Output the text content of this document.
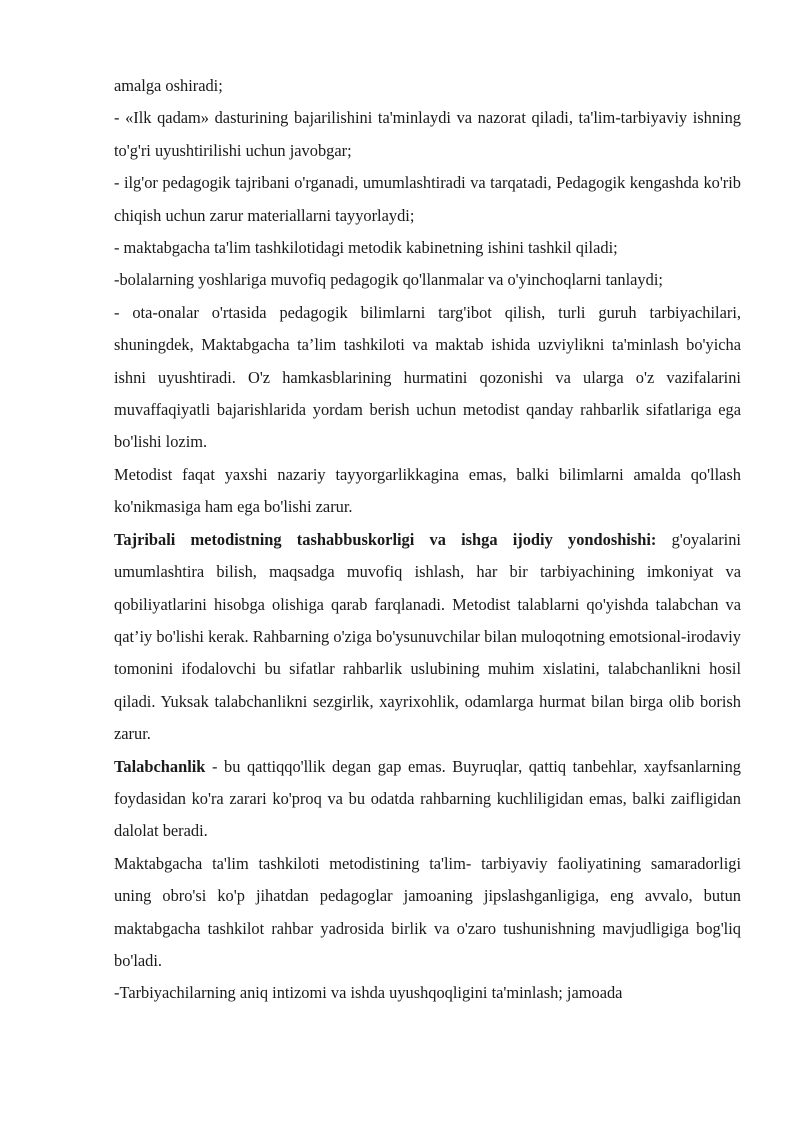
amalga oshiradi;

- «Ilk qadam» dasturining bajarilishini ta'minlaydi va nazorat qiladi, ta'lim-tarbiyaviy ishning to'g'ri uyushtirilishi uchun javobgar;

- ilg'or pedagogik tajribani o'rganadi, umumlashtiradi va tarqatadi, Pedagogik kengashda ko'rib chiqish uchun zarur materiallarni tayyorlaydi;

- maktabgacha ta'lim tashkilotidagi metodik kabinetning ishini tashkil qiladi;

-bolalarning yoshlariga muvofiq pedagogik qo'llanmalar va o'yinchoqlarni tanlaydi;

- ota-onalar o'rtasida pedagogik bilimlarni targ'ibot qilish, turli guruh tarbiyachilari, shuningdek, Maktabgacha ta’lim tashkiloti va maktab ishida uzviylikni ta'minlash bo'yicha ishni uyushtiradi. O'z hamkasblarining hurmatini qozonishi va ularga o'z vazifalarini muvaffaqiyatli bajarishlarida yordam berish uchun metodist qanday rahbarlik sifatlariga ega bo'lishi lozim.

Metodist faqat yaxshi nazariy tayyorgarlikkagina emas, balki bilimlarni amalda qo'llash ko'nikmasiga ham ega bo'lishi zarur.

Tajribali metodistning tashabbuskorligi va ishga ijodiy yondoshishi: g'oyalarini umumlashtira bilish, maqsadga muvofiq ishlash, har bir tarbiyachining imkoniyat va qobiliyatlarini hisobga olishiga qarab farqlanadi. Metodist talablarni qo'yishda talabchan va qat’iy bo'lishi kerak. Rahbarning o'ziga bo'ysunuvchilar bilan muloqotning emotsional-irodaviy tomonini ifodalovchi bu sifatlar rahbarlik uslubining muhim xislatini, talabchanlikni hosil qiladi. Yuksak talabchanlikni sezgirlik, xayrixohlik, odamlarga hurmat bilan birga olib borish zarur.

Talabchanlik - bu qattiqqo'llik degan gap emas. Buyruqlar, qattiq tanbehlar, xayfsanlarning foydasidan ko'ra zarari ko'proq va bu odatda rahbarning kuchliligidan emas, balki zaifligidan dalolat beradi.

Maktabgacha ta'lim tashkiloti metodistining ta'lim- tarbiyaviy faoliyatining samaradorligi uning obro'si ko'p jihatdan pedagoglar jamoaning jipslashganligiga, eng avvalo, butun maktabgacha tashkilot rahbar yadrosida birlik va o'zaro tushunishning mavjudligiga bog'liq bo'ladi.

-Tarbiyachilarning aniq intizomi va ishda uyushqoqligini ta'minlash; jamoada
